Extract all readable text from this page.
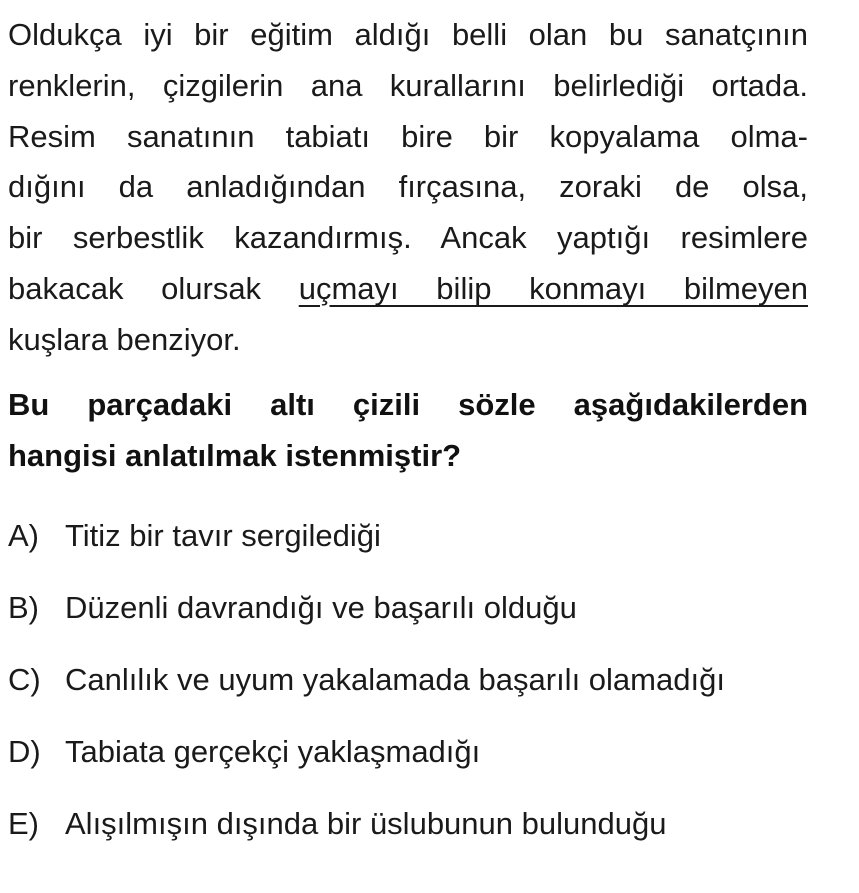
Oldukça iyi bir eğitim aldığı belli olan bu sanatçının
renklerin, çizgilerin ana kurallarını belirlediği ortada.
Resim sanatının tabiatı bire bir kopyalama olma-
dığını da anladığından fırçasına, zoraki de olsa,
bir serbestlik kazandırmış. Ancak yaptığı resimlere
bakacak olursak uçmayı bilip konmayı bilmeyen
kuşlara benziyor.
Bu parçadaki altı çizili sözle aşağıdakilerden
hangisi anlatılmak istenmiştir?
A) Titiz bir tavır sergilediği
B) Düzenli davrandığı ve başarılı olduğu
C) Canlılık ve uyum yakalamada başarılı olamadığı
D) Tabiata gerçekçi yaklaşmadığı
E) Alışılmışın dışında bir üslubunun bulunduğu
